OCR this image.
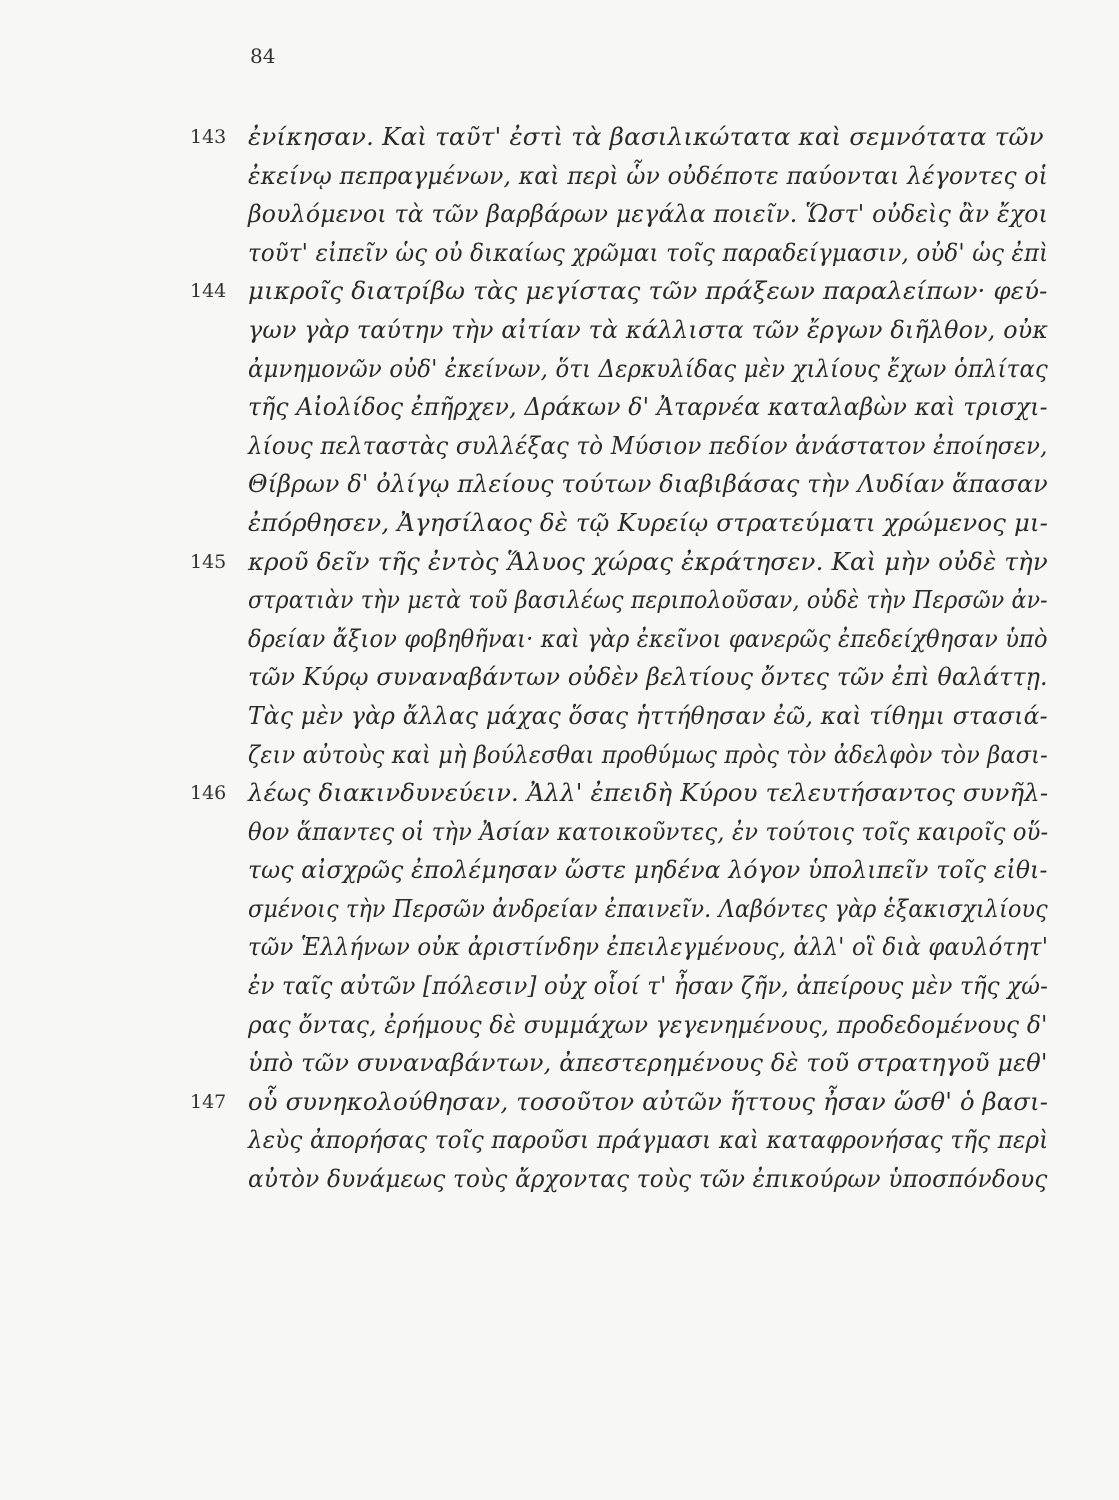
84
143 ἐνίκησαν. Καὶ ταῦτ' ἐστὶ τὰ βασιλικώτατα καὶ σεμνότατα τῶν
ἐκείνῳ πεπραγμένων, καὶ περὶ ὧν οὐδέποτε παύονται λέγοντες οἱ
βουλόμενοι τὰ τῶν βαρβάρων μεγάλα ποιεῖν. Ὥστ' οὐδεὶς ἂν ἔχοι
τοῦτ' εἰπεῖν ὡς οὐ δικαίως χρῶμαι τοῖς παραδείγμασιν, οὐδ' ὡς ἐπὶ
144 μικροῖς διατρίβω τὰς μεγίστας τῶν πράξεων παραλείπων· φεύ-
γων γὰρ ταύτην τὴν αἰτίαν τὰ κάλλιστα τῶν ἔργων διῆλθον, οὐκ
ἀμνημονῶν οὐδ' ἐκείνων, ὅτι Δερκυλίδας μὲν χιλίους ἔχων ὁπλίτας
τῆς Αἰολίδος ἐπῆρχεν, Δράκων δ' Ἀταρνέα καταλαβὼν καὶ τρισχι-
λίους πελταστὰς συλλέξας τὸ Μύσιον πεδίον ἀνάστατον ἐποίησεν,
Θίβρων δ' ὀλίγῳ πλείους τούτων διαβιβάσας τὴν Λυδίαν ἅπασαν
ἐπόρθησεν, Ἀγησίλαος δὲ τῷ Κυρείῳ στρατεύματι χρώμενος μι-
145 κροῦ δεῖν τῆς ἐντὸς Ἅλυος χώρας ἐκράτησεν. Καὶ μὴν οὐδὲ τὴν
στρατιὰν τὴν μετὰ τοῦ βασιλέως περιπολοῦσαν, οὐδὲ τὴν Περσῶν ἀν-
δρείαν ἄξιον φοβηθῆναι· καὶ γὰρ ἐκεῖνοι φανερῶς ἐπεδείχθησαν ὑπὸ
τῶν Κύρῳ συναναβάντων οὐδὲν βελτίους ὄντες τῶν ἐπὶ θαλάττῃ.
Τὰς μὲν γὰρ ἄλλας μάχας ὅσας ἡττήθησαν ἐῶ, καὶ τίθημι στασιά-
ζειν αὐτοὺς καὶ μὴ βούλεσθαι προθύμως πρὸς τὸν ἀδελφὸν τὸν βασι-
146 λέως διακινδυνεύειν. Ἀλλ' ἐπειδὴ Κύρου τελευτήσαντος συνῆλ-
θον ἅπαντες οἱ τὴν Ἀσίαν κατοικοῦντες, ἐν τούτοις τοῖς καιροῖς οὕ-
τως αἰσχρῶς ἐπολέμησαν ὥστε μηδένα λόγον ὑπολιπεῖν τοῖς εἰθι-
σμένοις τὴν Περσῶν ἀνδρείαν ἐπαινεῖν. Λαβόντες γὰρ ἑξακισχιλίους
τῶν Ἑλλήνων οὐκ ἀριστίνδην ἐπειλεγμένους, ἀλλ' οἳ διὰ φαυλότητ'
ἐν ταῖς αὐτῶν [πόλεσιν] οὐχ οἷοί τ' ἦσαν ζῆν, ἀπείρους μὲν τῆς χώ-
ρας ὄντας, ἐρήμους δὲ συμμάχων γεγενημένους, προδεδομένους δ'
ὑπὸ τῶν συναναβάντων, ἀπεστερημένους δὲ τοῦ στρατηγοῦ μεθ'
147 οὗ συνηκολούθησαν, τοσοῦτον αὐτῶν ἥττους ἦσαν ὥσθ' ὁ βασι-
λεὺς ἀπορήσας τοῖς παροῦσι πράγμασι καὶ καταφρονήσας τῆς περὶ
αὐτὸν δυνάμεως τοὺς ἄρχοντας τοὺς τῶν ἐπικούρων ὑποσπόνδους
